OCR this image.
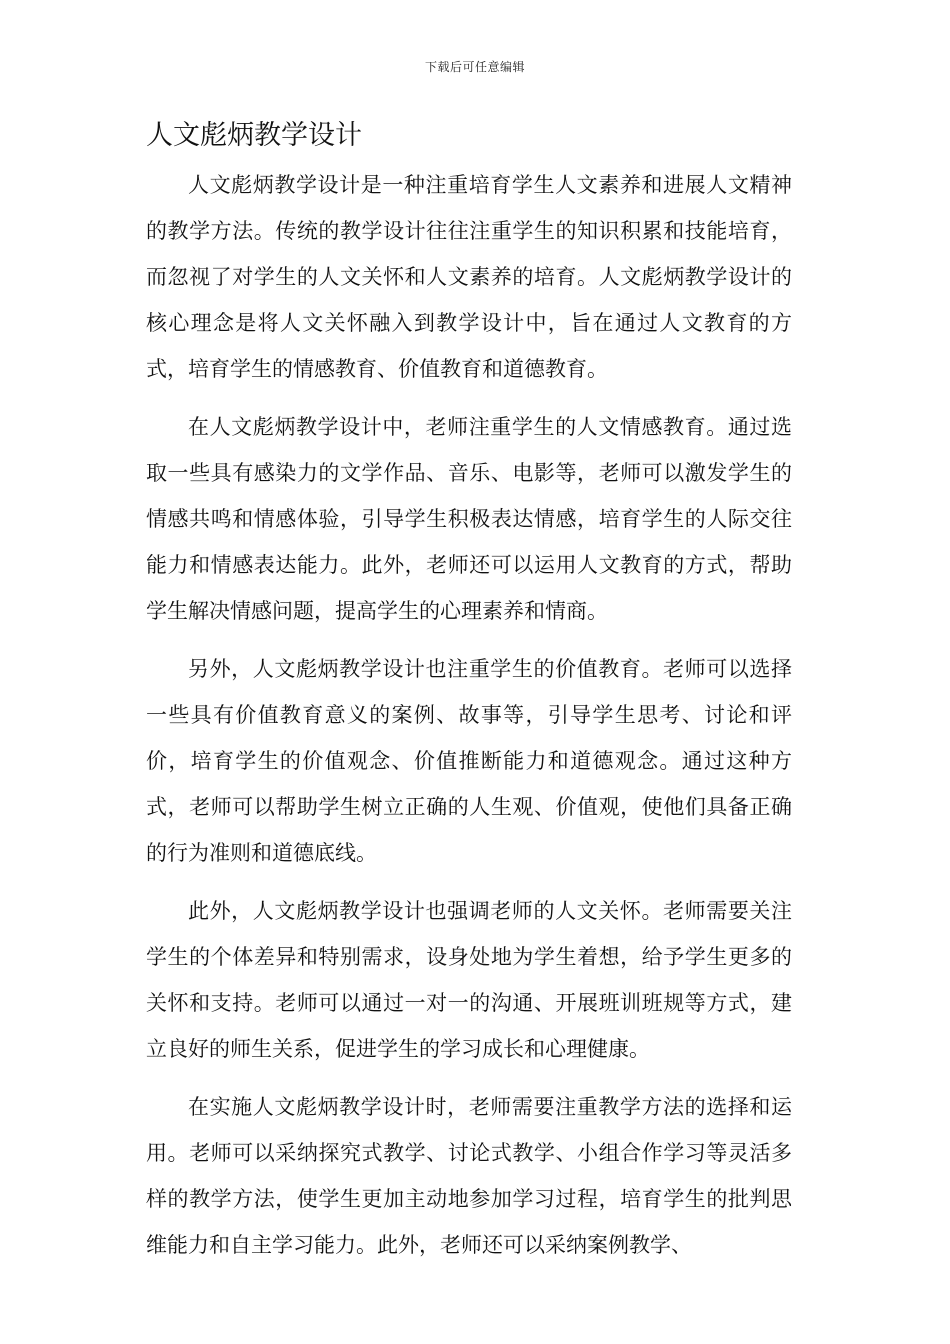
下载后可任意编辑
人文彪炳教学设计

人文彪炳教学设计是一种注重培育学生人文素养和进展人文精神的教学方法。传统的教学设计往往注重学生的知识积累和技能培育，而忽视了对学生的人文关怀和人文素养的培育。人文彪炳教学设计的核心理念是将人文关怀融入到教学设计中，旨在通过人文教育的方式，培育学生的情感教育、价值教育和道德教育。

在人文彪炳教学设计中，老师注重学生的人文情感教育。通过选取一些具有感染力的文学作品、音乐、电影等，老师可以激发学生的情感共鸣和情感体验，引导学生积极表达情感，培育学生的人际交往能力和情感表达能力。此外，老师还可以运用人文教育的方式，帮助学生解决情感问题，提高学生的心理素养和情商。

另外，人文彪炳教学设计也注重学生的价值教育。老师可以选择一些具有价值教育意义的案例、故事等，引导学生思考、讨论和评价，培育学生的价值观念、价值推断能力和道德观念。通过这种方式，老师可以帮助学生树立正确的人生观、价值观，使他们具备正确的行为准则和道德底线。

此外，人文彪炳教学设计也强调老师的人文关怀。老师需要关注学生的个体差异和特别需求，设身处地为学生着想，给予学生更多的关怀和支持。老师可以通过一对一的沟通、开展班训班规等方式，建立良好的师生关系，促进学生的学习成长和心理健康。

在实施人文彪炳教学设计时，老师需要注重教学方法的选择和运用。老师可以采纳探究式教学、讨论式教学、小组合作学习等灵活多样的教学方法，使学生更加主动地参加学习过程，培育学生的批判思维能力和自主学习能力。此外，老师还可以采纳案例教学、
